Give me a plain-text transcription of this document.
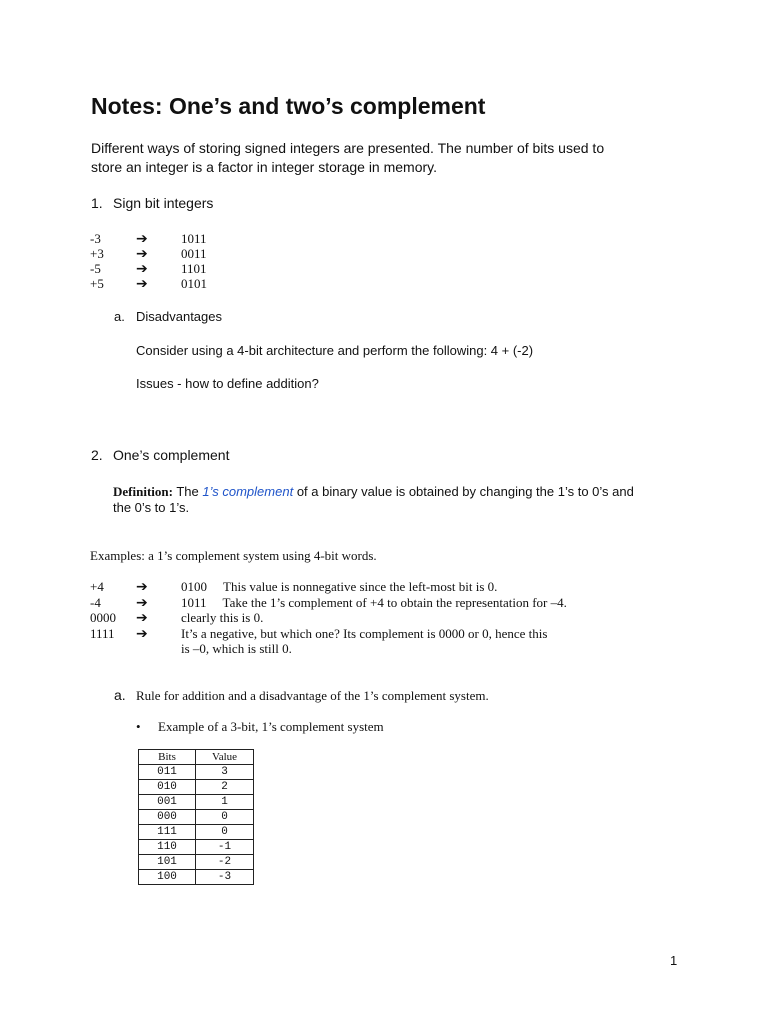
Notes: One’s and two’s complement
Different ways of storing signed integers are presented. The number of bits used to
store an integer is a factor in integer storage in memory.
1. Sign bit integers
-3	➔	1011
+3 ➔	0011
-5	➔	1101
+5 ➔	0101
a. Disadvantages
Consider using a 4-bit architecture and perform the following: 4 + (-2)
Issues - how to define addition?
2. One’s complement
Definition: The 1’s complement of a binary value is obtained by changing the 1’s to 0’s and
the 0’s to 1’s.
Examples: a 1’s complement system using 4-bit words.
+4 ➔	0100     This value is nonnegative since the left-most bit is 0.
-4	➔	1011     Take the 1’s complement of +4 to obtain the representation for –4.
0000 ➔	clearly this is 0.
1111 ➔	It’s a negative, but which one? Its complement is 0000 or 0, hence this
is –0, which is still 0.
a. Rule for addition and a disadvantage of the 1’s complement system.
• Example of a 3-bit, 1’s complement system
Bits	Value
011	3
010	2
001	1
000	0
111	0
110	-1
101	-2
100	-3
1
